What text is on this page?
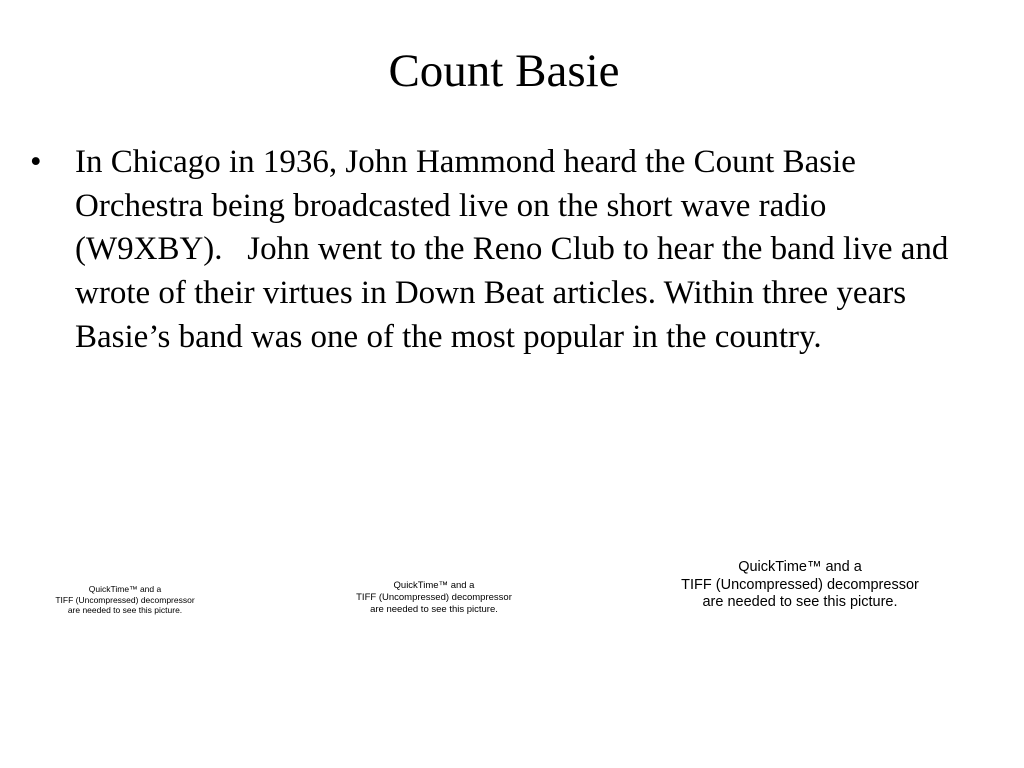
Count Basie
•	In Chicago in 1936, John Hammond heard the Count Basie Orchestra being broadcasted live on the short wave radio (W9XBY).   John went to the Reno Club to hear the band live and wrote of their virtues in Down Beat articles. Within three years Basie’s band was one of the most popular in the country.
QuickTime™ and a
TIFF (Uncompressed) decompressor
are needed to see this picture.
QuickTime™ and a
TIFF (Uncompressed) decompressor
are needed to see this picture.
QuickTime™ and a
TIFF (Uncompressed) decompressor
are needed to see this picture.
